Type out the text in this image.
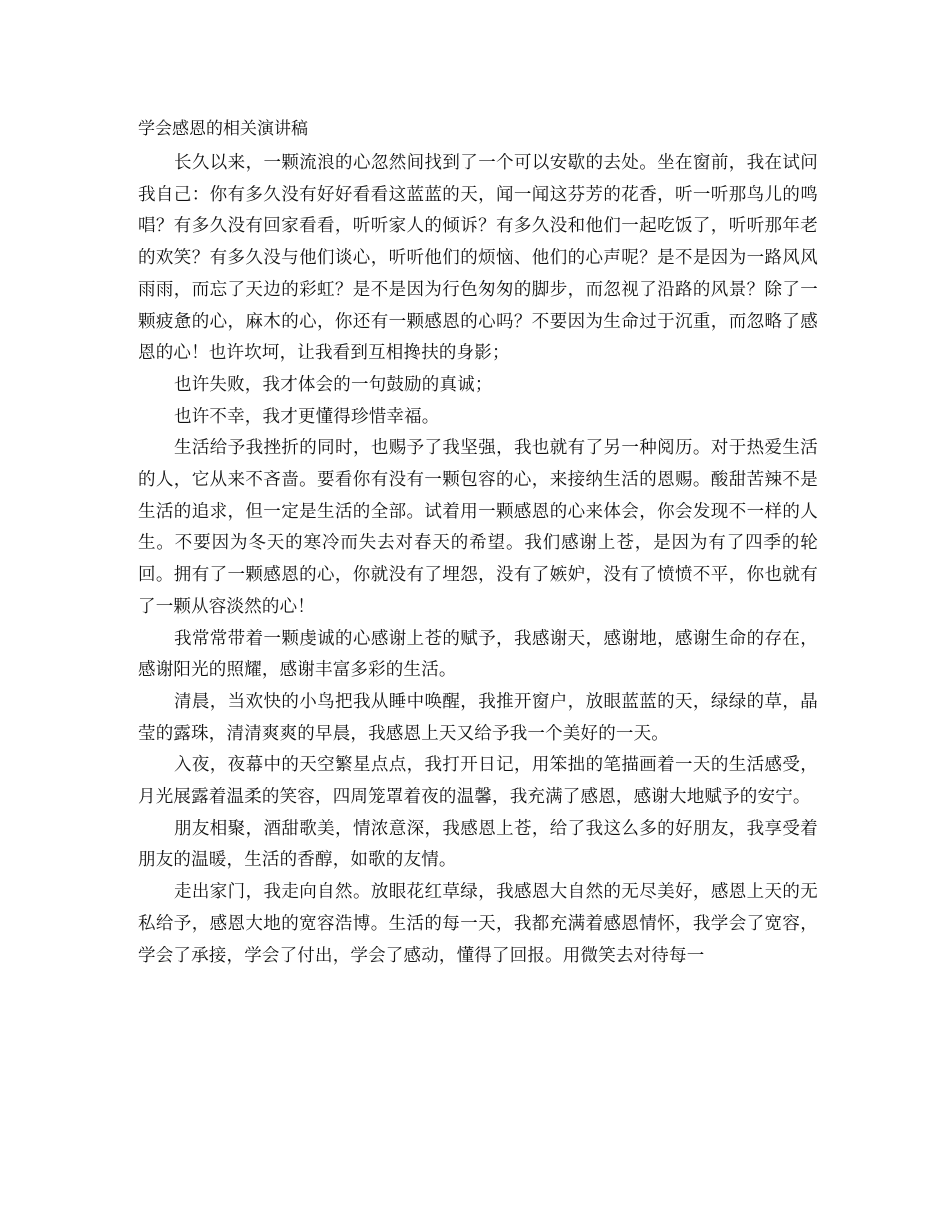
学会感恩的相关演讲稿

长久以来，一颗流浪的心忽然间找到了一个可以安歇的去处。坐在窗前，我在试问我自己：你有多久没有好好看看这蓝蓝的天，闻一闻这芬芳的花香，听一听那鸟儿的鸣唱？有多久没有回家看看，听听家人的倾诉？有多久没和他们一起吃饭了，听听那年老的欢笑？有多久没与他们谈心，听听他们的烦恼、他们的心声呢？是不是因为一路风风雨雨，而忘了天边的彩虹？是不是因为行色匆匆的脚步，而忽视了沿路的风景？除了一颗疲惫的心，麻木的心，你还有一颗感恩的心吗？不要因为生命过于沉重，而忽略了感恩的心！也许坎坷，让我看到互相搀扶的身影；

也许失败，我才体会的一句鼓励的真诚；

也许不幸，我才更懂得珍惜幸福。

生活给予我挫折的同时，也赐予了我坚强，我也就有了另一种阅历。对于热爱生活的人，它从来不吝啬。要看你有没有一颗包容的心，来接纳生活的恩赐。酸甜苦辣不是生活的追求，但一定是生活的全部。试着用一颗感恩的心来体会，你会发现不一样的人生。不要因为冬天的寒冷而失去对春天的希望。我们感谢上苍，是因为有了四季的轮回。拥有了一颗感恩的心，你就没有了埋怨，没有了嫉妒，没有了愤愤不平，你也就有了一颗从容淡然的心！

我常常带着一颗虔诚的心感谢上苍的赋予，我感谢天，感谢地，感谢生命的存在，感谢阳光的照耀，感谢丰富多彩的生活。

清晨，当欢快的小鸟把我从睡中唤醒，我推开窗户，放眼蓝蓝的天，绿绿的草，晶莹的露珠，清清爽爽的早晨，我感恩上天又给予我一个美好的一天。

入夜，夜幕中的天空繁星点点，我打开日记，用笨拙的笔描画着一天的生活感受，月光展露着温柔的笑容，四周笼罩着夜的温馨，我充满了感恩，感谢大地赋予的安宁。

朋友相聚，酒甜歌美，情浓意深，我感恩上苍，给了我这么多的好朋友，我享受着朋友的温暖，生活的香醇，如歌的友情。

走出家门，我走向自然。放眼花红草绿，我感恩大自然的无尽美好，感恩上天的无私给予，感恩大地的宽容浩博。生活的每一天，我都充满着感恩情怀，我学会了宽容，学会了承接，学会了付出，学会了感动，懂得了回报。用微笑去对待每一
